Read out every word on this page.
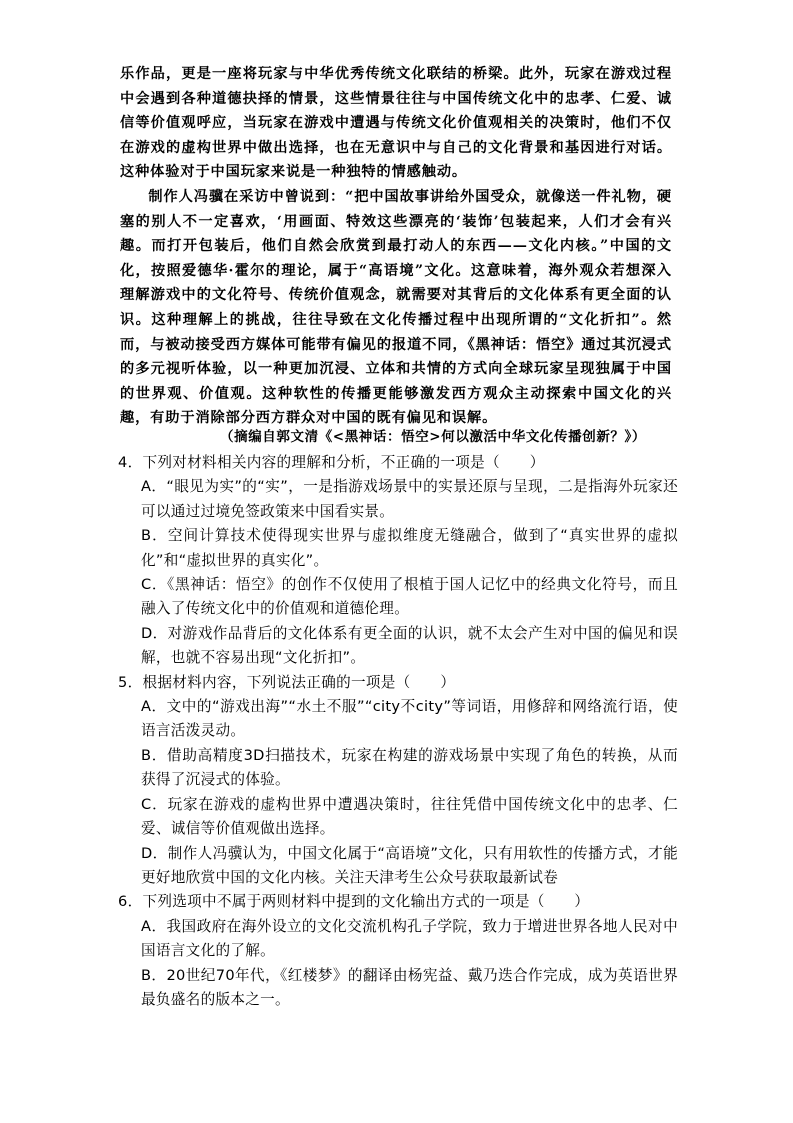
乐作品，更是一座将玩家与中华优秀传统文化联结的桥梁。此外，玩家在游戏过程中会遇到各种道德抉择的情景，这些情景往往与中国传统文化中的忠孝、仁爱、诚信等价值观呼应，当玩家在游戏中遭遇与传统文化价值观相关的决策时，他们不仅在游戏的虚构世界中做出选择，也在无意识中与自己的文化背景和基因进行对话。这种体验对于中国玩家来说是一种独特的情感触动。

制作人冯骥在采访中曾说到：“把中国故事讲给外国受众，就像送一件礼物，硬塞的别人不一定喜欢，‘用画面、特效这些漂亮的‘装饰’包装起来，人们才会有兴趣。而打开包装后，他们自然会欣赏到最打动人的东西——文化内核。”中国的文化，按照爱德华·霍尔的理论，属于“高语境”文化。这意味着，海外观众若想深入理解游戏中的文化符号、传统价值观念，就需要对其背后的文化体系有更全面的认识。这种理解上的挑战，往往导致在文化传播过程中出现所谓的“文化折扣”。然而，与被动接受西方媒体可能带有偏见的报道不同，《黑神话：悟空》通过其沉浸式的多元视听体验，以一种更加沉浸、立体和共情的方式向全球玩家呈现独属于中国的世界观、价值观。这种软性的传播更能够激发西方观众主动探索中国文化的兴趣，有助于消除部分西方群众对中国的既有偏见和误解。

（摘编自郭文清《<黑神话：悟空>何以激活中华文化传播创新？》）

4．下列对材料相关内容的理解和分析，不正确的一项是（　　）

A．“眼见为实”的“实”，一是指游戏场景中的实景还原与呈现，二是指海外玩家还可以通过过境免签政策来中国看实景。

B．空间计算技术使得现实世界与虚拟维度无缝融合，做到了“真实世界的虚拟化”和“虚拟世界的真实化”。

C．《黑神话：悟空》的创作不仅使用了根植于国人记忆中的经典文化符号，而且融入了传统文化中的价值观和道德伦理。

D．对游戏作品背后的文化体系有更全面的认识，就不太会产生对中国的偏见和误解，也就不容易出现“文化折扣”。

5．根据材料内容，下列说法正确的一项是（　　）

A．文中的“游戏出海”“水土不服”“city不city”等词语，用修辞和网络流行语，使语言活泼灵动。

B．借助高精度3D扫描技术，玩家在构建的游戏场景中实现了角色的转换，从而获得了沉浸式的体验。

C．玩家在游戏的虚构世界中遭遇决策时，往往凭借中国传统文化中的忠孝、仁爱、诚信等价值观做出选择。

D．制作人冯骥认为，中国文化属于“高语境”文化，只有用软性的传播方式，才能更好地欣赏中国的文化内核。关注天津考生公众号获取最新试卷

6．下列选项中不属于两则材料中提到的文化输出方式的一项是（　　）

A．我国政府在海外设立的文化交流机构孔子学院，致力于增进世界各地人民对中国语言文化的了解。

B．20世纪70年代，《红楼梦》的翻译由杨宪益、戴乃迭合作完成，成为英语世界最负盛名的版本之一。
